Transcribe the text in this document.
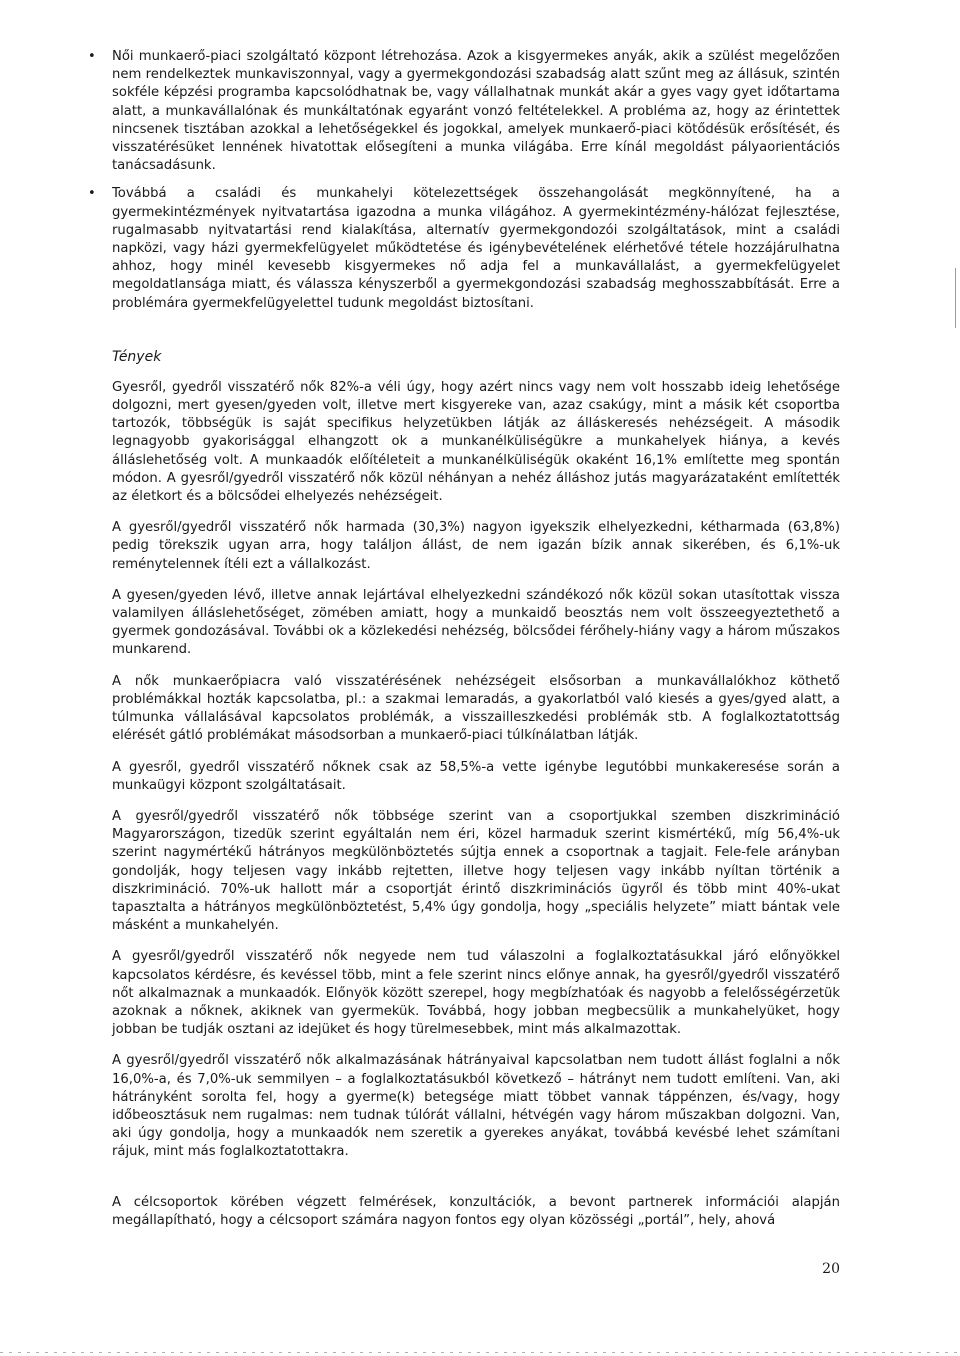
• Női munkaerő-piaci szolgáltató központ létrehozása. Azok a kisgyermekes anyák, akik a szülést megelőzően nem rendelkeztek munkaviszonnyal, vagy a gyermekgondozási szabadság alatt szűnt meg az állásuk, szintén sokféle képzési programba kapcsolódhatnak be, vagy vállalhatnak munkát akár a gyes vagy gyet időtartama alatt, a munkavállalónak és munkáltatónak egyaránt vonzó feltételekkel. A probléma az, hogy az érintettek nincsenek tisztában azokkal a lehetőségekkel és jogokkal, amelyek munkaerő-piaci kötődésük erősítését, és visszatérésüket lennének hivatottak elősegíteni a munka világába. Erre kínál megoldást pályaorientációs tanácsadásunk.
• Továbbá a családi és munkahelyi kötelezettségek összehangolását megkönnyítené, ha a gyermekintézmények nyitvatartása igazodna a munka világához. A gyermekintézmény-hálózat fejlesztése, rugalmasabb nyitvatartási rend kialakítása, alternatív gyermekgondozói szolgáltatások, mint a családi napközi, vagy házi gyermekfelügyelet működtetése és igénybevételének elérhetővé tétele hozzájárulhatna ahhoz, hogy minél kevesebb kisgyermekes nő adja fel a munkavállalást, a gyermekfelügyelet megoldatlansága miatt, és válassza kényszerből a gyermekgondozási szabadság meghosszabbítását. Erre a problémára gyermekfelügyelettel tudunk megoldást biztosítani.
Tények

Gyesről, gyedről visszatérő nők 82%-a véli úgy, hogy azért nincs vagy nem volt hosszabb ideig lehetősége dolgozni, mert gyesen/gyeden volt, illetve mert kisgyereke van, azaz csakúgy, mint a másik két csoportba tartozók, többségük is saját specifikus helyzetükben látják az álláskeresés nehézségeit. A második legnagyobb gyakorisággal elhangzott ok a munkanélküliségükre a munkahelyek hiánya, a kevés álláslehetőség volt. A munkaadók előítéleteit a munkanélküliségük okaként 16,1% említette meg spontán módon. A gyesről/gyedről visszatérő nők közül néhányan a nehéz álláshoz jutás magyarázataként említették az életkort és a bölcsődei elhelyezés nehézségeit.

A gyesről/gyedről visszatérő nők harmada (30,3%) nagyon igyekszik elhelyezkedni, kétharmada (63,8%) pedig törekszik ugyan arra, hogy találjon állást, de nem igazán bízik annak sikerében, és 6,1%-uk reménytelennek ítéli ezt a vállalkozást.

A gyesen/gyeden lévő, illetve annak lejártával elhelyezkedni szándékozó nők közül sokan utasítottak vissza valamilyen álláslehetőséget, zömében amiatt, hogy a munkaidő beosztás nem volt összeegyeztethető a gyermek gondozásával. További ok a közlekedési nehézség, bölcsődei férőhely-hiány vagy a három műszakos munkarend.

A nők munkaerőpiacra való visszatérésének nehézségeit elsősorban a munkavállalókhoz köthető problémákkal hozták kapcsolatba, pl.: a szakmai lemaradás, a gyakorlatból való kiesés a gyes/gyed alatt, a túlmunka vállalásával kapcsolatos problémák, a visszailleszkedési problémák stb. A foglalkoztatottság elérését gátló problémákat másodsorban a munkaerő-piaci túlkínálatban látják.

A gyesről, gyedről visszatérő nőknek csak az 58,5%-a vette igénybe legutóbbi munkakeresése során a munkaügyi központ szolgáltatásait.

A gyesről/gyedről visszatérő nők többsége szerint van a csoportjukkal szemben diszkrimináció Magyarországon, tizedük szerint egyáltalán nem éri, közel harmaduk szerint kismértékű, míg 56,4%-uk szerint nagymértékű hátrányos megkülönböztetés sújtja ennek a csoportnak a tagjait. Fele-fele arányban gondolják, hogy teljesen vagy inkább rejtetten, illetve hogy teljesen vagy inkább nyíltan történik a diszkrimináció. 70%-uk hallott már a csoportját érintő diszkriminációs ügyről és több mint 40%-ukat tapasztalta a hátrányos megkülönböztetést, 5,4% úgy gondolja, hogy „speciális helyzete” miatt bántak vele másként a munkahelyén.

A gyesről/gyedről visszatérő nők negyede nem tud válaszolni a foglalkoztatásukkal járó előnyökkel kapcsolatos kérdésre, és kevéssel több, mint a fele szerint nincs előnye annak, ha gyesről/gyedről visszatérő nőt alkalmaznak a munkaadók. Előnyök között szerepel, hogy megbízhatóak és nagyobb a felelősségérzetük azoknak a nőknek, akiknek van gyermekük. Továbbá, hogy jobban megbecsülik a munkahelyüket, hogy jobban be tudják osztani az idejüket és hogy türelmesebbek, mint más alkalmazottak.

A gyesről/gyedről visszatérő nők alkalmazásának hátrányaival kapcsolatban nem tudott állást foglalni a nők 16,0%-a, és 7,0%-uk semmilyen – a foglalkoztatásukból következő – hátrányt nem tudott említeni. Van, aki hátrányként sorolta fel, hogy a gyerme(k) betegsége miatt többet vannak táppénzen, és/vagy, hogy időbeosztásuk nem rugalmas: nem tudnak túlórát vállalni, hétvégén vagy három műszakban dolgozni. Van, aki úgy gondolja, hogy a munkaadók nem szeretik a gyerekes anyákat, továbbá kevésbé lehet számítani rájuk, mint más foglalkoztatottakra.

A célcsoportok körében végzett felmérések, konzultációk, a bevont partnerek információi alapján megállapítható, hogy a célcsoport számára nagyon fontos egy olyan közösségi „portál”, hely, ahová

20
